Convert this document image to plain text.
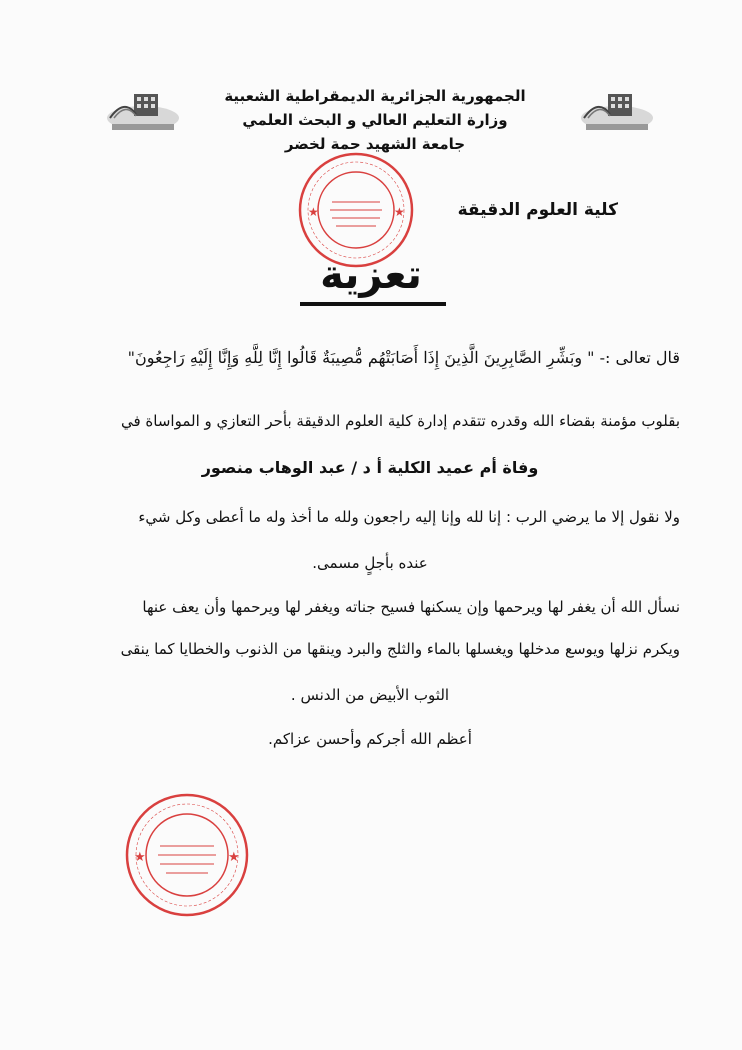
الجمهورية الجزائرية الديمقراطية الشعبية
وزارة التعليم العالي و البحث العلمي
جامعة الشهيد حمة لخضر
كلية العلوم الدقيقة
★	★
تعزية
قال تعالى :- " وبَشِّرِ الصَّابِرِينَ الَّذِينَ إِذَا أَصَابَتْهُم مُّصِيبَةٌ قَالُوا إِنَّا لِلَّهِ وَإِنَّا إِلَيْهِ رَاجِعُونَ"
بقلوب مؤمنة بقضاء الله وقدره تتقدم إدارة كلية العلوم الدقيقة بأحر التعازي و المواساة في
وفاة أم عميد الكلية أ د / عبد الوهاب منصور
ولا نقول إلا ما يرضي الرب : إنا لله وإنا إليه راجعون ولله ما أخذ وله ما أعطى وكل شيء
عنده بأجلٍ مسمى.
نسأل الله أن يغفر لها ويرحمها وإن يسكنها فسيح جناته ويغفر لها ويرحمها وأن يعف عنها
ويكرم نزلها ويوسع مدخلها ويغسلها بالماء والثلج والبرد وينقها من الذنوب والخطايا كما ينقى
الثوب الأبيض من الدنس .
أعظم الله أجركم وأحسن عزاكم.
★	★
